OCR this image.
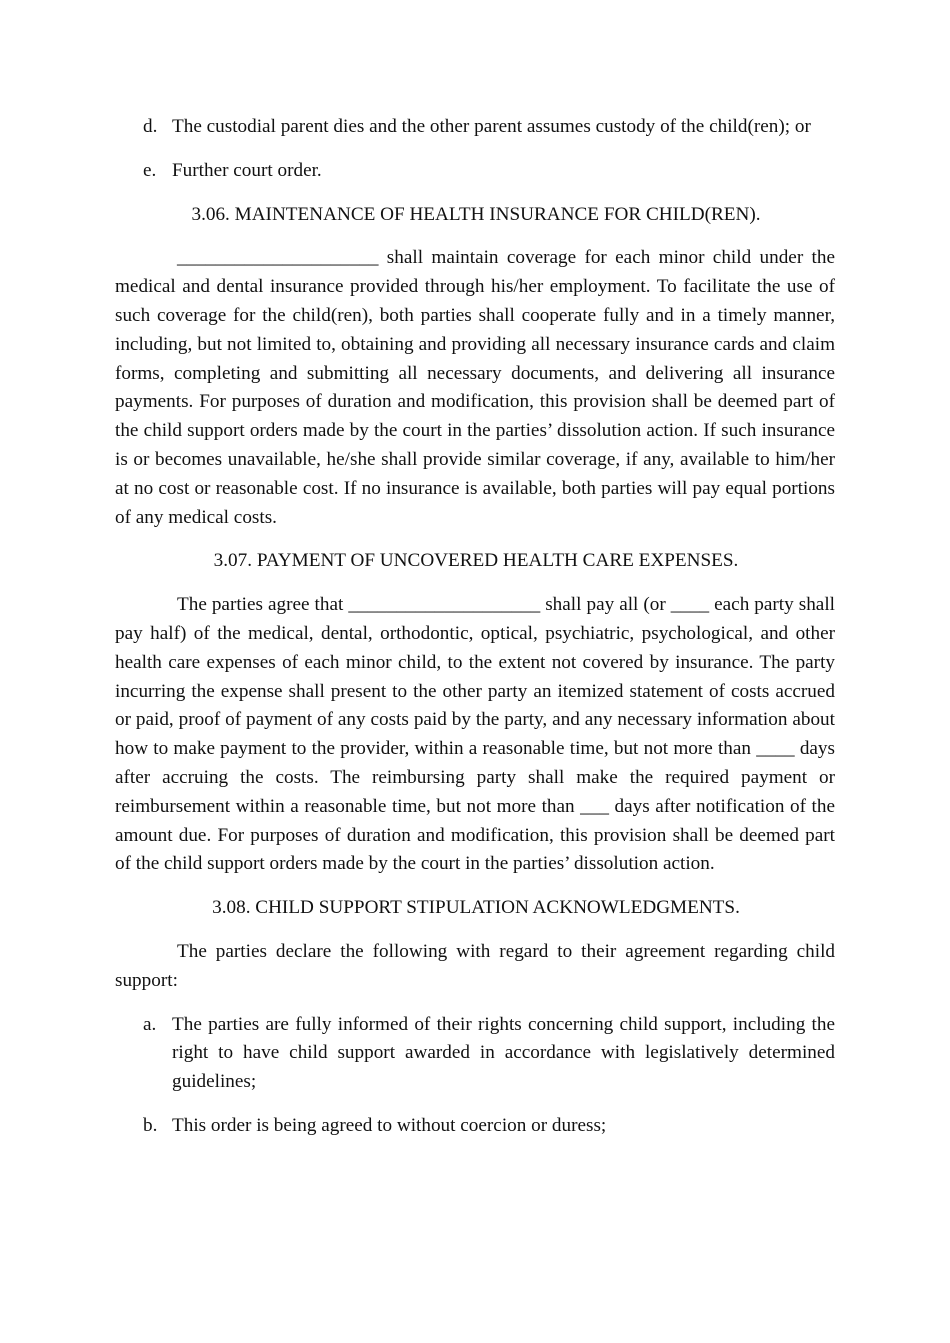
d. The custodial parent dies and the other parent assumes custody of the child(ren); or
e. Further court order.
3.06. MAINTENANCE OF HEALTH INSURANCE FOR CHILD(REN).

_____________________ shall maintain coverage for each minor child under the medical and dental insurance provided through his/her employment. To facilitate the use of such coverage for the child(ren), both parties shall cooperate fully and in a timely manner, including, but not limited to, obtaining and providing all necessary insurance cards and claim forms, completing and submitting all necessary documents, and delivering all insurance payments. For purposes of duration and modification, this provision shall be deemed part of the child support orders made by the court in the parties’ dissolution action. If such insurance is or becomes unavailable, he/she shall provide similar coverage, if any, available to him/her at no cost or reasonable cost. If no insurance is available, both parties will pay equal portions of any medical costs.

3.07. PAYMENT OF UNCOVERED HEALTH CARE EXPENSES.

The parties agree that ____________________ shall pay all (or ____ each party shall pay half) of the medical, dental, orthodontic, optical, psychiatric, psychological, and other health care expenses of each minor child, to the extent not covered by insurance. The party incurring the expense shall present to the other party an itemized statement of costs accrued or paid, proof of payment of any costs paid by the party, and any necessary information about how to make payment to the provider, within a reasonable time, but not more than ____ days after accruing the costs. The reimbursing party shall make the required payment or reimbursement within a reasonable time, but not more than ___ days after notification of the amount due. For purposes of duration and modification, this provision shall be deemed part of the child support orders made by the court in the parties’ dissolution action.

3.08. CHILD SUPPORT STIPULATION ACKNOWLEDGMENTS.

The parties declare the following with regard to their agreement regarding child support:

a. The parties are fully informed of their rights concerning child support, including the right to have child support awarded in accordance with legislatively determined guidelines;
b. This order is being agreed to without coercion or duress;
